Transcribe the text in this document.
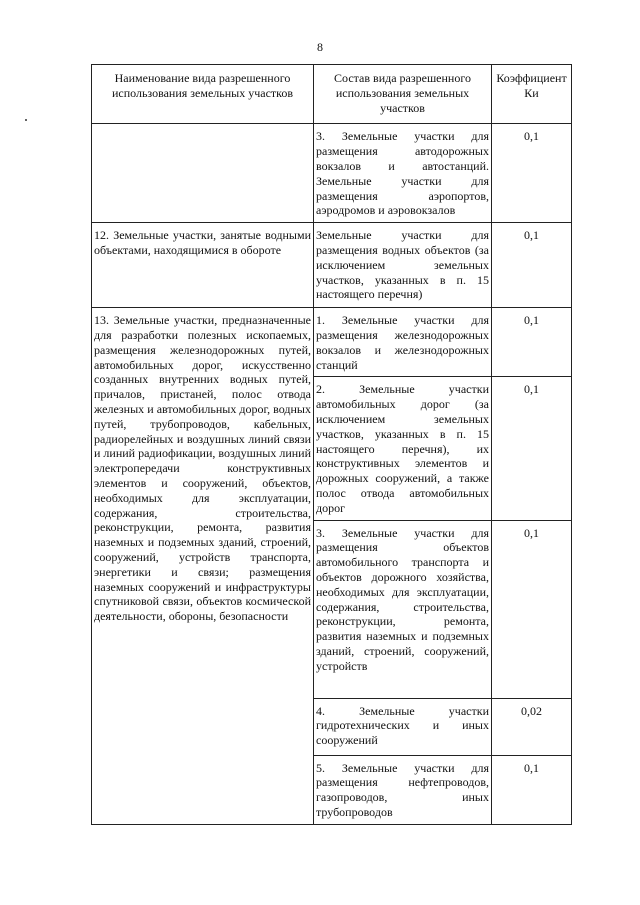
8
Наименование вида разрешенного использования земельных участков	Состав вида разрешенного использования земельных участков	Коэффициент Ки
	3. Земельные участки для размещения автодорожных вокзалов и автостанций. Земельные участки для размещения аэропортов, аэродромов и аэровокзалов	0,1
12. Земельные участки, занятые водными объектами, находящимися в обороте	Земельные участки для размещения водных объектов (за исключением земельных участков, указанных в п. 15 настоящего перечня)	0,1
13. Земельные участки, предназначенные для разработки полезных ископаемых, размещения железнодорожных путей, автомобильных дорог, искусственно созданных внутренних водных путей, причалов, пристаней, полос отвода железных и автомобильных дорог, водных путей, трубопроводов, кабельных, радиорелейных и воздушных линий связи и линий радиофикации, воздушных линий электропередачи конструктивных элементов и сооружений, объектов, необходимых для эксплуатации, содержания, строительства, реконструкции, ремонта, развития наземных и подземных зданий, строений, сооружений, устройств транспорта, энергетики и связи; размещения наземных сооружений и инфраструктуры спутниковой связи, объектов космической деятельности, обороны, безопасности	1. Земельные участки для размещения железнодорожных вокзалов и железнодорожных станций	0,1
	2. Земельные участки автомобильных дорог (за исключением земельных участков, указанных в п. 15 настоящего перечня), их конструктивных элементов и дорожных сооружений, а также полос отвода автомобильных дорог	0,1
	3. Земельные участки для размещения объектов автомобильного транспорта и объектов дорожного хозяйства, необходимых для эксплуатации, содержания, строительства, реконструкции, ремонта, развития наземных и подземных зданий, строений, сооружений, устройств	0,1
	4. Земельные участки гидротехнических и иных сооружений	0,02
	5. Земельные участки для размещения нефтепроводов, газопроводов, иных трубопроводов	0,1
